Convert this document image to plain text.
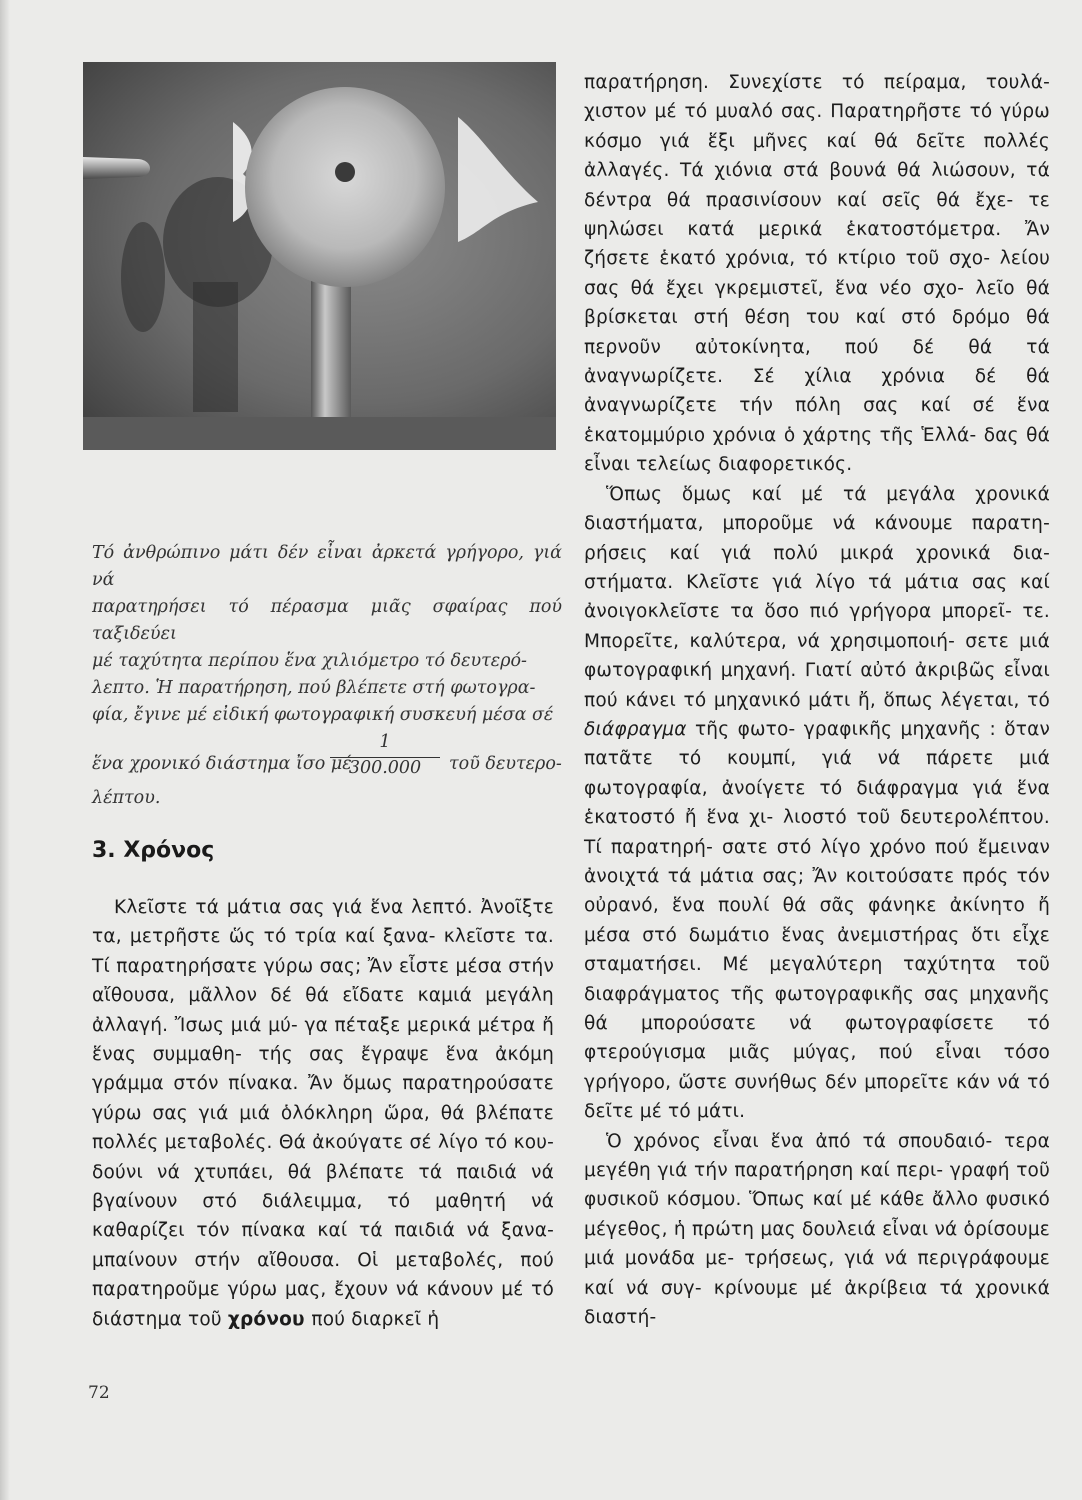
Τό ἀνθρώπινο μάτι δέν εἶναι ἀρκετά γρήγορο, γιά νά
παρατηρήσει τό πέρασμα μιᾶς σφαίρας πού ταξιδεύει
μέ ταχύτητα περίπου ἕνα χιλιόμετρο τό δευτερό-
λεπτο. Ἡ παρατήρηση, πού βλέπετε στή φωτογρα-
φία, ἔγινε μέ εἰδική φωτογραφική συσκευή μέσα σέ
ἕνα χρονικό διάστημα ἴσο μέ
1
300.000	τοῦ δευτερο-
λέπτου.
3. Χρόνος

Κλεῖστε τά μάτια σας γιά ἕνα λεπτό. Ἀνοῖξτε τα, μετρῆστε ὥς τό τρία καί ξανα- κλεῖστε τα. Τί παρατηρήσατε γύρω σας; Ἄν εἶστε μέσα στήν αἴθουσα, μᾶλλον δέ θά εἴδατε καμιά μεγάλη ἀλλαγή. Ἴσως μιά μύ- γα πέταξε μερικά μέτρα ἤ ἕνας συμμαθη- τής σας ἔγραψε ἕνα ἀκόμη γράμμα στόν πίνακα. Ἄν ὅμως παρατηρούσατε γύρω σας γιά μιά ὁλόκληρη ὥρα, θά βλέπατε πολλές μεταβολές. Θά ἀκούγατε σέ λίγο τό κου- δούνι νά χτυπάει, θά βλέπατε τά παιδιά νά βγαίνουν στό διάλειμμα, τό μαθητή νά καθαρίζει τόν πίνακα καί τά παιδιά νά ξανα- μπαίνουν στήν αἴθουσα. Οἱ μεταβολές, πού παρατηροῦμε γύρω μας, ἔχουν νά κάνουν μέ τό διάστημα τοῦ χρόνου πού διαρκεῖ ἡ

παρατήρηση. Συνεχίστε τό πείραμα, τουλά- χιστον μέ τό μυαλό σας. Παρατηρῆστε τό γύρω κόσμο γιά ἕξι μῆνες καί θά δεῖτε πολλές ἀλλαγές. Τά χιόνια στά βουνά θά λιώσουν, τά δέντρα θά πρασινίσουν καί σεῖς θά ἔχε- τε ψηλώσει κατά μερικά ἑκατοστόμετρα. Ἄν ζήσετε ἑκατό χρόνια, τό κτίριο τοῦ σχο- λείου σας θά ἔχει γκρεμιστεῖ, ἕνα νέο σχο- λεῖο θά βρίσκεται στή θέση του καί στό δρόμο θά περνοῦν αὐτοκίνητα, πού δέ θά τά ἀναγνωρίζετε. Σέ χίλια χρόνια δέ θά ἀναγνωρίζετε τήν πόλη σας καί σέ ἕνα ἑκατομμύριο χρόνια ὁ χάρτης τῆς Ἑλλά- δας θά εἶναι τελείως διαφορετικός.

Ὅπως ὅμως καί μέ τά μεγάλα χρονικά διαστήματα, μποροῦμε νά κάνουμε παρατη- ρήσεις καί γιά πολύ μικρά χρονικά δια- στήματα. Κλεῖστε γιά λίγο τά μάτια σας καί ἀνοιγοκλεῖστε τα ὅσο πιό γρήγορα μπορεῖ- τε. Μπορεῖτε, καλύτερα, νά χρησιμοποιή- σετε μιά φωτογραφική μηχανή. Γιατί αὐτό ἀκριβῶς εἶναι πού κάνει τό μηχανικό μάτι ἤ, ὅπως λέγεται, τό διάφραγμα τῆς φωτο- γραφικῆς μηχανῆς : ὅταν πατᾶτε τό κουμπί, γιά νά πάρετε μιά φωτογραφία, ἀνοίγετε τό διάφραγμα γιά ἕνα ἑκατοστό ἤ ἕνα χι- λιοστό τοῦ δευτερολέπτου. Τί παρατηρή- σατε στό λίγο χρόνο πού ἔμειναν ἀνοιχτά τά μάτια σας; Ἄν κοιτούσατε πρός τόν οὐρανό, ἕνα πουλί θά σᾶς φάνηκε ἀκίνητο ἤ μέσα στό δωμάτιο ἕνας ἀνεμιστήρας ὅτι εἶχε σταματήσει. Μέ μεγαλύτερη ταχύτητα τοῦ διαφράγματος τῆς φωτογραφικῆς σας μηχανῆς θά μπορούσατε νά φωτογραφίσετε τό φτερούγισμα μιᾶς μύγας, πού εἶναι τόσο γρήγορο, ὥστε συνήθως δέν μπορεῖτε κάν νά τό δεῖτε μέ τό μάτι.

Ὁ χρόνος εἶναι ἕνα ἀπό τά σπουδαιό- τερα μεγέθη γιά τήν παρατήρηση καί περι- γραφή τοῦ φυσικοῦ κόσμου. Ὅπως καί μέ κάθε ἄλλο φυσικό μέγεθος, ἡ πρώτη μας δουλειά εἶναι νά ὁρίσουμε μιά μονάδα με- τρήσεως, γιά νά περιγράφουμε καί νά συγ- κρίνουμε μέ ἀκρίβεια τά χρονικά διαστή-

72
